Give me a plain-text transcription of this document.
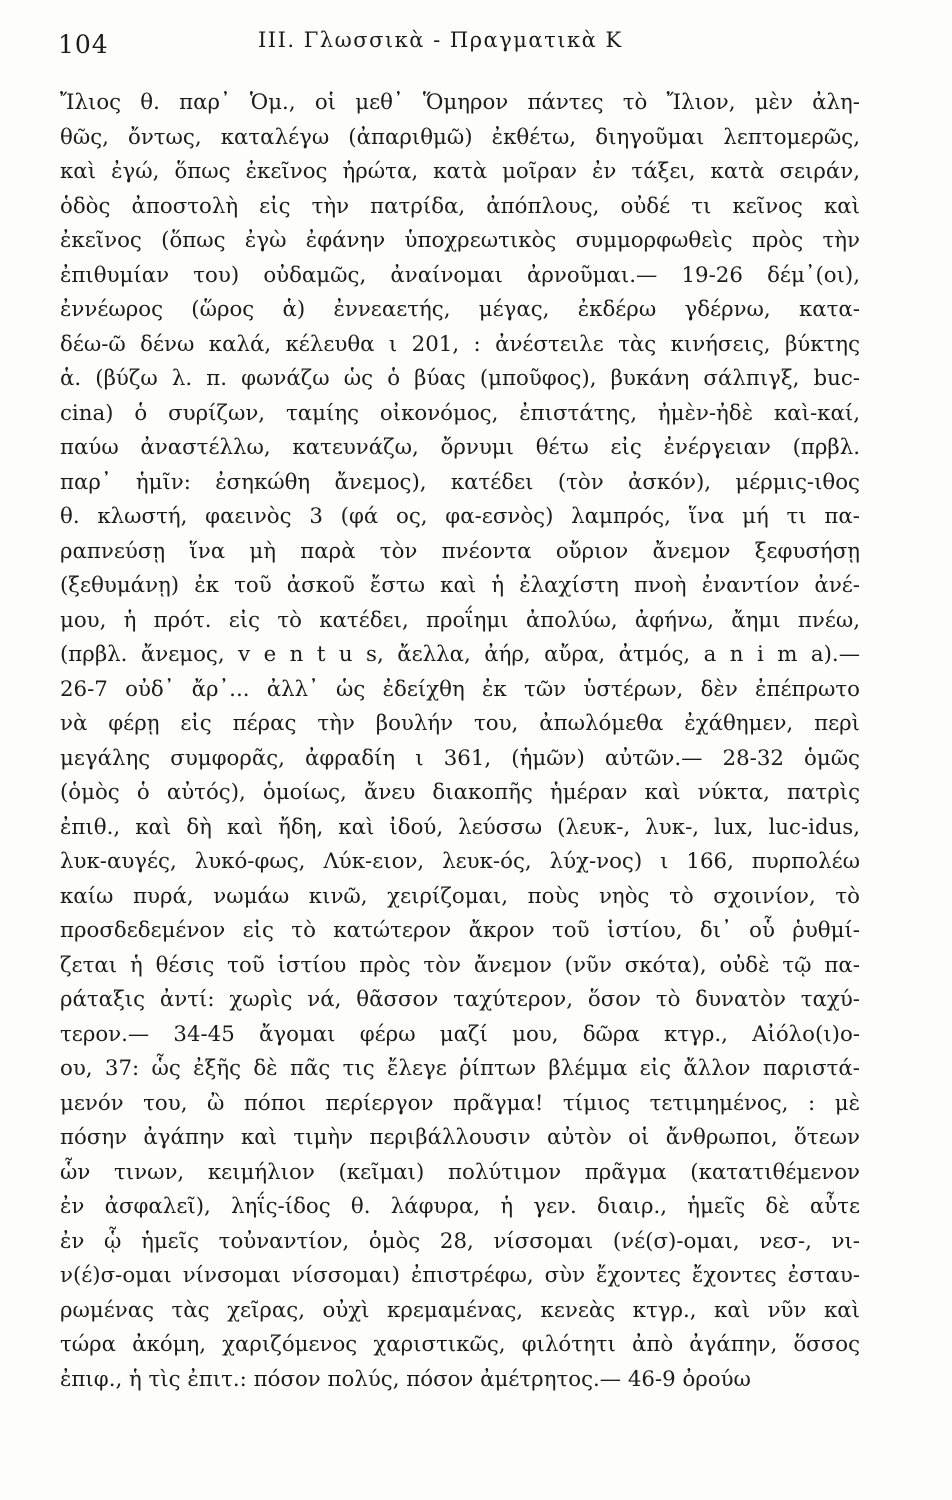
104	III. Γλωσσικὰ - Πραγματικὰ Κ
Ἴλιος θ. παρ᾽ Ὁμ., οἱ μεθ᾽ Ὅμηρον πάντες τὸ Ἴλιον, μὲν ἀλη-
θῶς, ὄντως, καταλέγω (ἀπαριθμῶ) ἐκθέτω, διηγοῦμαι λεπτομερῶς,
καὶ ἐγώ, ὅπως ἐκεῖνος ἠρώτα, κατὰ μοῖραν ἐν τάξει, κατὰ σειράν,
ὁδὸς ἀποστολὴ εἰς τὴν πατρίδα, ἀπόπλους, οὐδέ τι κεῖνος καὶ
ἐκεῖνος (ὅπως ἐγὼ ἐφάνην ὑποχρεωτικὸς συμμορφωθεὶς πρὸς τὴν
ἐπιθυμίαν του) οὐδαμῶς, ἀναίνομαι ἀρνοῦμαι.— 19-26 δέμ᾽(οι),
ἐννέωρος (ὥρος ἁ) ἐννεαετής, μέγας, ἐκδέρω γδέρνω, κατα-
δέω-ῶ δένω καλά, κέλευθα ι 201, : ἀνέστειλε τὰς κινήσεις, βύκτης
ἁ. (βύζω λ. π. φωνάζω ὡς ὁ βύας (μποῦφος), βυκάνη σάλπιγξ, buc-
cina) ὁ συρίζων, ταμίης οἰκονόμος, ἐπιστάτης, ἠμὲν-ἠδὲ καὶ-καί,
παύω ἀναστέλλω, κατευνάζω, ὄρνυμι θέτω εἰς ἐνέργειαν (πρβλ.
παρ᾽ ἡμῖν: ἐσηκώθη ἄνεμος), κατέδει (τὸν ἀσκόν), μέρμις-ιθος
θ. κλωστή, φαεινὸς 3 (φά ος, φα-εσνὸς) λαμπρός, ἵνα μή τι πα-
ραπνεύσῃ ἵνα μὴ παρὰ τὸν πνέοντα οὔριον ἄνεμον ξεφυσήσῃ
(ξεθυμάνῃ) ἐκ τοῦ ἀσκοῦ ἔστω καὶ ἡ ἐλαχίστη πνοὴ ἐναντίον ἀνέ-
μου, ἡ πρότ. εἰς τὸ κατέδει, προΐημι ἀπολύω, ἀφήνω, ἄημι πνέω,
(πρβλ. ἄνεμος, v e n t u s, ἄελλα, ἀήρ, αὔρα, ἀτμός, a n i m a).—
26-7 οὐδ᾽ ἄρ᾽... ἀλλ᾽ ὡς ἐδείχθη ἐκ τῶν ὑστέρων, δὲν ἐπέπρωτο
νὰ φέρῃ εἰς πέρας τὴν βουλήν του, ἀπωλόμεθα ἐχάθημεν, περὶ
μεγάλης συμφορᾶς, ἀφραδίη ι 361, (ἡμῶν) αὐτῶν.— 28-32 ὁμῶς
(ὁμὸς ὁ αὐτός), ὁμοίως, ἄνευ διακοπῆς ἡμέραν καὶ νύκτα, πατρὶς
ἐπιθ., καὶ δὴ καὶ ἤδη, καὶ ἰδού, λεύσσω (λευκ-, λυκ-, lux, luc-idus,
λυκ-αυγές, λυκό-φως, Λύκ-ειον, λευκ-ός, λύχ-νος) ι 166, πυρπολέω
καίω πυρά, νωμάω κινῶ, χειρίζομαι, ποὺς νηὸς τὸ σχοινίον, τὸ
προσδεδεμένον εἰς τὸ κατώτερον ἄκρον τοῦ ἱστίου, δι᾽ οὗ ῥυθμί-
ζεται ἡ θέσις τοῦ ἱστίου πρὸς τὸν ἄνεμον (νῦν σκότα), οὐδὲ τῷ πα-
ράταξις ἀντί: χωρὶς νά, θᾶσσον ταχύτερον, ὅσον τὸ δυνατὸν ταχύ-
τερον.— 34-45 ἄγομαι φέρω μαζί μου, δῶρα κτγρ., Αἰόλο(ι)ο-
ου, 37: ὧς ἐξῆς δὲ πᾶς τις ἔλεγε ῥίπτων βλέμμα εἰς ἄλλον παριστά-
μενόν του, ὢ πόποι περίεργον πρᾶγμα! τίμιος τετιμημένος, : μὲ
πόσην ἀγάπην καὶ τιμὴν περιβάλλουσιν αὐτὸν οἱ ἄνθρωποι, ὅτεων
ὧν τινων, κειμήλιον (κεῖμαι) πολύτιμον πρᾶγμα (κατατιθέμενον
ἐν ἀσφαλεῖ), ληΐς-ίδος θ. λάφυρα, ἡ γεν. διαιρ., ἡμεῖς δὲ αὖτε
ἐν ᾧ ἡμεῖς τοὐναντίον, ὁμὸς 28, νίσσομαι (νέ(σ)-ομαι, νεσ-, νι-
ν(έ)σ-ομαι νίνσομαι νίσσομαι) ἐπιστρέφω, σὺν ἔχοντες ἔχοντες ἐσταυ-
ρωμένας τὰς χεῖρας, οὐχὶ κρεμαμένας, κενεὰς κτγρ., καὶ νῦν καὶ
τώρα ἀκόμη, χαριζόμενος χαριστικῶς, φιλότητι ἀπὸ ἀγάπην, ὅσσος
ἐπιφ., ἡ τὶς ἐπιτ.: πόσον πολύς, πόσον ἀμέτρητος.— 46-9 ὀρούω
